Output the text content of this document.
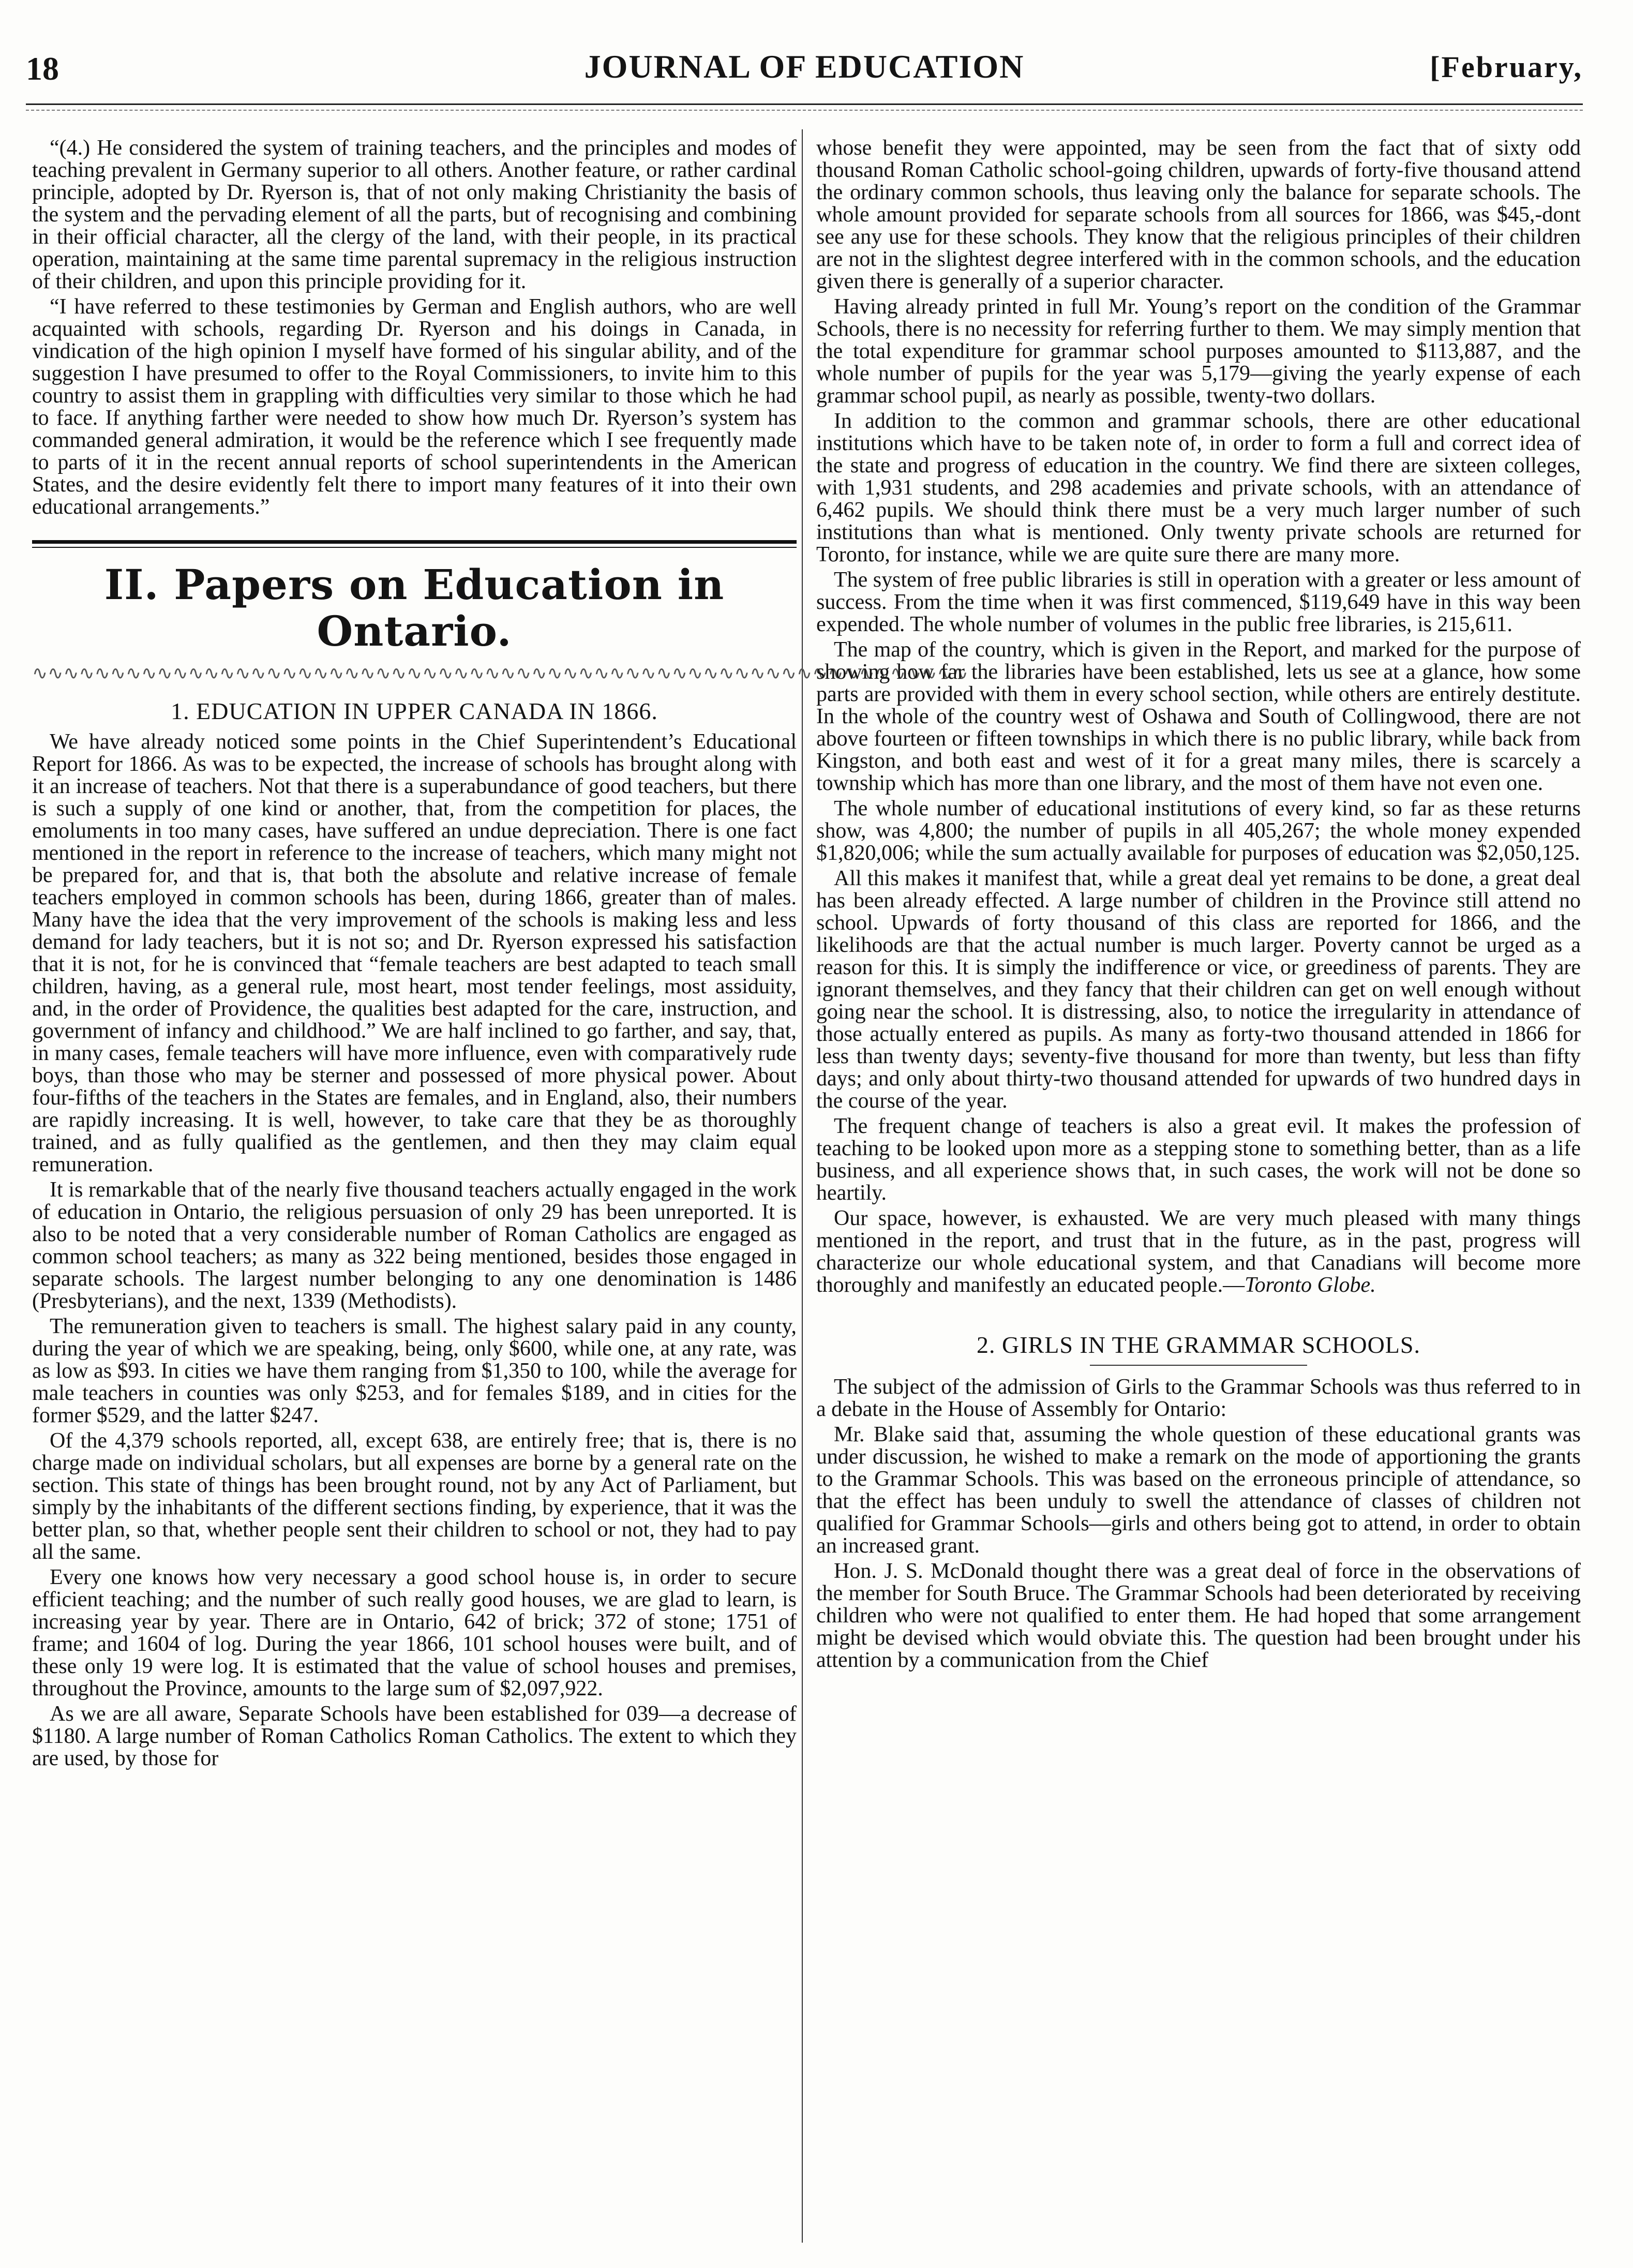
18	JOURNAL OF EDUCATION	[February,

“(4.) He considered the system of training teachers, and the principles and modes of teaching prevalent in Germany superior to all others. Another feature, or rather cardinal principle, adopted by Dr. Ryerson is, that of not only making Christianity the basis of the system and the pervading element of all the parts, but of recognising and combining in their official character, all the clergy of the land, with their people, in its practical operation, maintaining at the same time parental supremacy in the religious instruction of their children, and upon this principle providing for it.

“I have referred to these testimonies by German and English authors, who are well acquainted with schools, regarding Dr. Ryerson and his doings in Canada, in vindication of the high opinion I myself have formed of his singular ability, and of the suggestion I have presumed to offer to the Royal Commissioners, to invite him to this country to assist them in grappling with difficulties very similar to those which he had to face. If anything farther were needed to show how much Dr. Ryerson’s system has commanded general admiration, it would be the reference which I see frequently made to parts of it in the recent annual reports of school superintendents in the American States, and the desire evidently felt there to import many features of it into their own educational arrangements.”

II. Papers on Education in Ontario.
∿∿∿∿∿∿∿∿∿∿∿∿∿∿∿∿∿∿∿∿∿∿∿∿∿∿∿∿∿∿∿∿∿∿∿∿∿∿∿∿∿∿∿∿∿∿∿∿∿∿∿∿∿∿∿∿∿∿∿∿
1. EDUCATION IN UPPER CANADA IN 1866.

We have already noticed some points in the Chief Superintendent’s Educational Report for 1866. As was to be expected, the increase of schools has brought along with it an increase of teachers. Not that there is a superabundance of good teachers, but there is such a supply of one kind or another, that, from the competition for places, the emoluments in too many cases, have suffered an undue depreciation. There is one fact mentioned in the report in reference to the increase of teachers, which many might not be prepared for, and that is, that both the absolute and relative increase of female teachers employed in common schools has been, during 1866, greater than of males. Many have the idea that the very improvement of the schools is making less and less demand for lady teachers, but it is not so; and Dr. Ryerson expressed his satisfaction that it is not, for he is convinced that “female teachers are best adapted to teach small children, having, as a general rule, most heart, most tender feelings, most assiduity, and, in the order of Providence, the qualities best adapted for the care, instruction, and government of infancy and childhood.” We are half inclined to go farther, and say, that, in many cases, female teachers will have more influence, even with comparatively rude boys, than those who may be sterner and possessed of more physical power. About four-fifths of the teachers in the States are females, and in England, also, their numbers are rapidly increasing. It is well, however, to take care that they be as thoroughly trained, and as fully qualified as the gentlemen, and then they may claim equal remuneration.

It is remarkable that of the nearly five thousand teachers actually engaged in the work of education in Ontario, the religious persuasion of only 29 has been unreported. It is also to be noted that a very considerable number of Roman Catholics are engaged as common school teachers; as many as 322 being mentioned, besides those engaged in separate schools. The largest number belonging to any one denomination is 1486 (Presbyterians), and the next, 1339 (Methodists).

The remuneration given to teachers is small. The highest salary paid in any county, during the year of which we are speaking, being, only $600, while one, at any rate, was as low as $93. In cities we have them ranging from $1,350 to 100, while the average for male teachers in counties was only $253, and for females $189, and in cities for the former $529, and the latter $247.

Of the 4,379 schools reported, all, except 638, are entirely free; that is, there is no charge made on individual scholars, but all expenses are borne by a general rate on the section. This state of things has been brought round, not by any Act of Parliament, but simply by the inhabitants of the different sections finding, by experience, that it was the better plan, so that, whether people sent their children to school or not, they had to pay all the same.

Every one knows how very necessary a good school house is, in order to secure efficient teaching; and the number of such really good houses, we are glad to learn, is increasing year by year. There are in Ontario, 642 of brick; 372 of stone; 1751 of frame; and 1604 of log. During the year 1866, 101 school houses were built, and of these only 19 were log. It is estimated that the value of school houses and premises, throughout the Province, amounts to the large sum of $2,097,922.

As we are all aware, Separate Schools have been established for 039—a decrease of $1180. A large number of Roman Catholics Roman Catholics. The extent to which they are used, by those for

whose benefit they were appointed, may be seen from the fact that of sixty odd thousand Roman Catholic school-going children, upwards of forty-five thousand attend the ordinary common schools, thus leaving only the balance for separate schools. The whole amount provided for separate schools from all sources for 1866, was $45,-dont see any use for these schools. They know that the religious principles of their children are not in the slightest degree interfered with in the common schools, and the education given there is generally of a superior character.

Having already printed in full Mr. Young’s report on the condition of the Grammar Schools, there is no necessity for referring further to them. We may simply mention that the total expenditure for grammar school purposes amounted to $113,887, and the whole number of pupils for the year was 5,179—giving the yearly expense of each grammar school pupil, as nearly as possible, twenty-two dollars.

In addition to the common and grammar schools, there are other educational institutions which have to be taken note of, in order to form a full and correct idea of the state and progress of education in the country. We find there are sixteen colleges, with 1,931 students, and 298 academies and private schools, with an attendance of 6,462 pupils. We should think there must be a very much larger number of such institutions than what is mentioned. Only twenty private schools are returned for Toronto, for instance, while we are quite sure there are many more.

The system of free public libraries is still in operation with a greater or less amount of success. From the time when it was first commenced, $119,649 have in this way been expended. The whole number of volumes in the public free libraries, is 215,611.

The map of the country, which is given in the Report, and marked for the purpose of showing how far the libraries have been established, lets us see at a glance, how some parts are provided with them in every school section, while others are entirely destitute. In the whole of the country west of Oshawa and South of Collingwood, there are not above fourteen or fifteen townships in which there is no public library, while back from Kingston, and both east and west of it for a great many miles, there is scarcely a township which has more than one library, and the most of them have not even one.

The whole number of educational institutions of every kind, so far as these returns show, was 4,800; the number of pupils in all 405,267; the whole money expended $1,820,006; while the sum actually available for purposes of education was $2,050,125.

All this makes it manifest that, while a great deal yet remains to be done, a great deal has been already effected. A large number of children in the Province still attend no school. Upwards of forty thousand of this class are reported for 1866, and the likelihoods are that the actual number is much larger. Poverty cannot be urged as a reason for this. It is simply the indifference or vice, or greediness of parents. They are ignorant themselves, and they fancy that their children can get on well enough without going near the school. It is distressing, also, to notice the irregularity in attendance of those actually entered as pupils. As many as forty-two thousand attended in 1866 for less than twenty days; seventy-five thousand for more than twenty, but less than fifty days; and only about thirty-two thousand attended for upwards of two hundred days in the course of the year.

The frequent change of teachers is also a great evil. It makes the profession of teaching to be looked upon more as a stepping stone to something better, than as a life business, and all experience shows that, in such cases, the work will not be done so heartily.

Our space, however, is exhausted. We are very much pleased with many things mentioned in the report, and trust that in the future, as in the past, progress will characterize our whole educational system, and that Canadians will become more thoroughly and manifestly an educated people.—Toronto Globe.

2. GIRLS IN THE GRAMMAR SCHOOLS.

The subject of the admission of Girls to the Grammar Schools was thus referred to in a debate in the House of Assembly for Ontario:

Mr. Blake said that, assuming the whole question of these educational grants was under discussion, he wished to make a remark on the mode of apportioning the grants to the Grammar Schools. This was based on the erroneous principle of attendance, so that the effect has been unduly to swell the attendance of classes of children not qualified for Grammar Schools—girls and others being got to attend, in order to obtain an increased grant.

Hon. J. S. McDonald thought there was a great deal of force in the observations of the member for South Bruce. The Grammar Schools had been deteriorated by receiving children who were not qualified to enter them. He had hoped that some arrangement might be devised which would obviate this. The question had been brought under his attention by a communication from the Chief
